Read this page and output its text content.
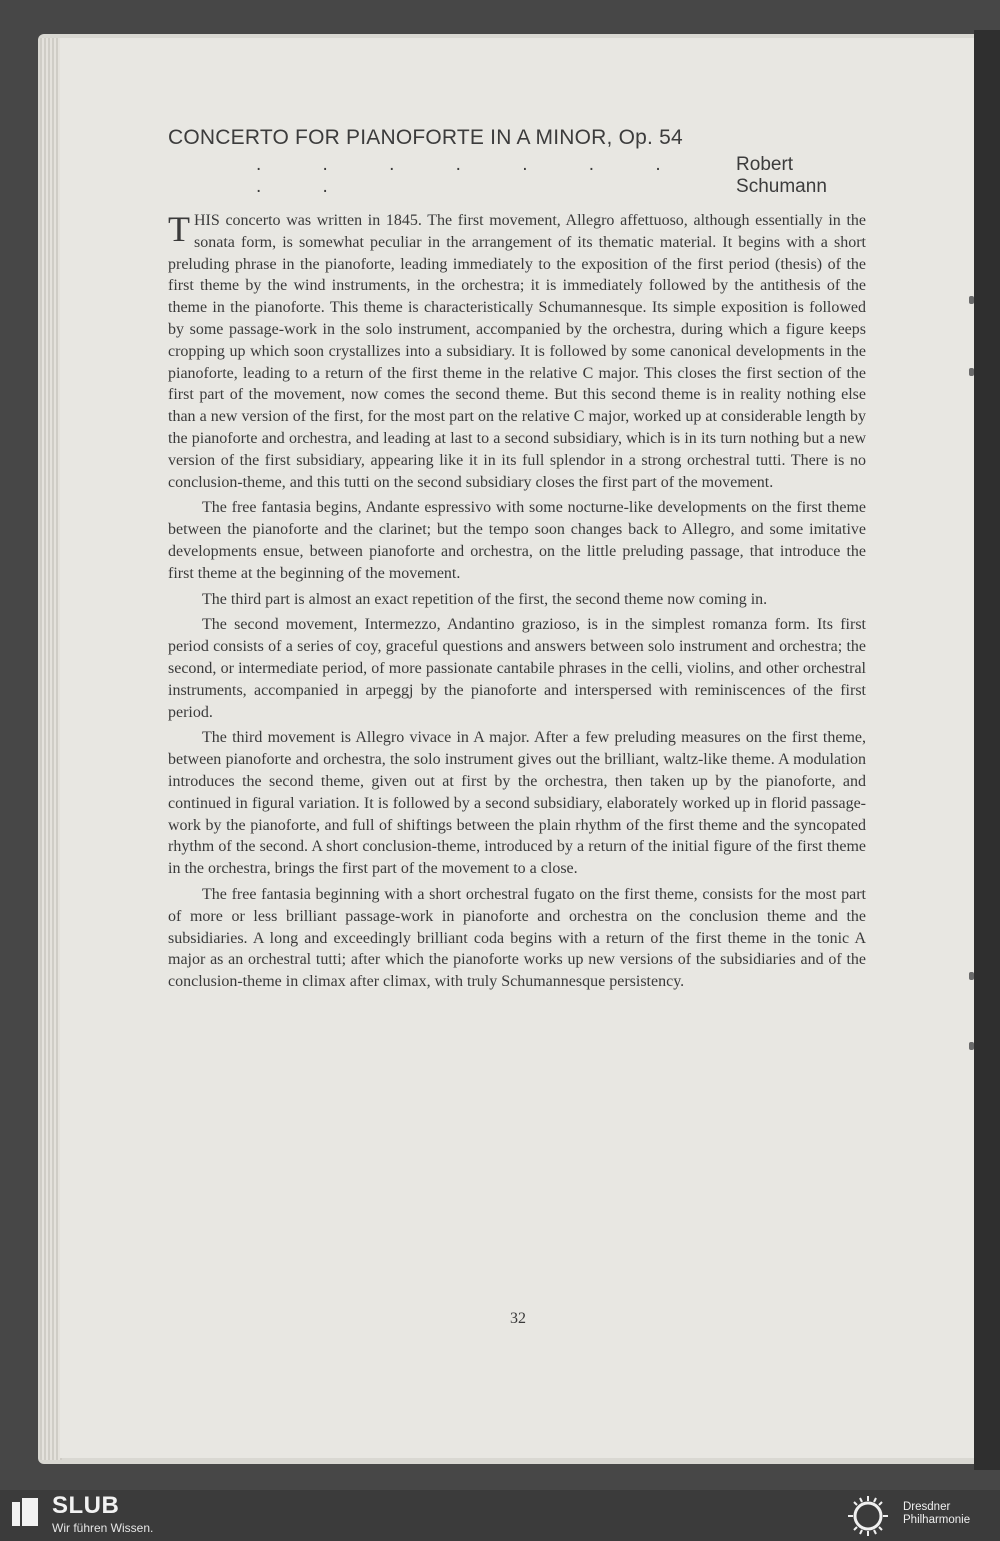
CONCERTO FOR PIANOFORTE IN A MINOR, Op. 54
. . . . . . . . .
Robert Schumann

THIS concerto was written in 1845. The first movement, Allegro affettuoso, although essentially in the sonata form, is somewhat peculiar in the arrangement of its thematic material. It begins with a short preluding phrase in the pianoforte, leading immediately to the exposition of the first period (thesis) of the first theme by the wind instruments, in the orchestra; it is immediately followed by the antithesis of the theme in the pianoforte. This theme is characteristically Schumannesque. Its simple exposition is followed by some passage-work in the solo instrument, accompanied by the orchestra, during which a figure keeps cropping up which soon crystallizes into a subsidiary. It is followed by some canonical developments in the pianoforte, leading to a return of the first theme in the relative C major. This closes the first section of the first part of the movement, now comes the second theme. But this second theme is in reality nothing else than a new version of the first, for the most part on the relative C major, worked up at considerable length by the pianoforte and orchestra, and leading at last to a second subsidiary, which is in its turn nothing but a new version of the first subsidiary, appearing like it in its full splendor in a strong orchestral tutti. There is no conclusion-theme, and this tutti on the second subsidiary closes the first part of the movement.

The free fantasia begins, Andante espressivo with some nocturne-like developments on the first theme between the pianoforte and the clarinet; but the tempo soon changes back to Allegro, and some imitative developments ensue, between pianoforte and orchestra, on the little preluding passage, that introduce the first theme at the beginning of the movement.

The third part is almost an exact repetition of the first, the second theme now coming in.

The second movement, Intermezzo, Andantino grazioso, is in the simplest romanza form. Its first period consists of a series of coy, graceful questions and answers between solo instrument and orchestra; the second, or intermediate period, of more passionate cantabile phrases in the celli, violins, and other orchestral instruments, accompanied in arpeggj by the pianoforte and interspersed with reminiscences of the first period.

The third movement is Allegro vivace in A major. After a few preluding measures on the first theme, between pianoforte and orchestra, the solo instrument gives out the brilliant, waltz-like theme. A modulation introduces the second theme, given out at first by the orchestra, then taken up by the pianoforte, and continued in figural variation. It is followed by a second subsidiary, elaborately worked up in florid passage-work by the pianoforte, and full of shiftings between the plain rhythm of the first theme and the syncopated rhythm of the second. A short conclusion-theme, introduced by a return of the initial figure of the first theme in the orchestra, brings the first part of the movement to a close.

The free fantasia beginning with a short orchestral fugato on the first theme, consists for the most part of more or less brilliant passage-work in pianoforte and orchestra on the conclusion theme and the subsidiaries. A long and exceedingly brilliant coda begins with a return of the first theme in the tonic A major as an orchestral tutti; after which the pianoforte works up new versions of the subsidiaries and of the conclusion-theme in climax after climax, with truly Schumannesque persistency.

32
SLUB
Wir führen Wissen.
Dresdner
Philharmonie
